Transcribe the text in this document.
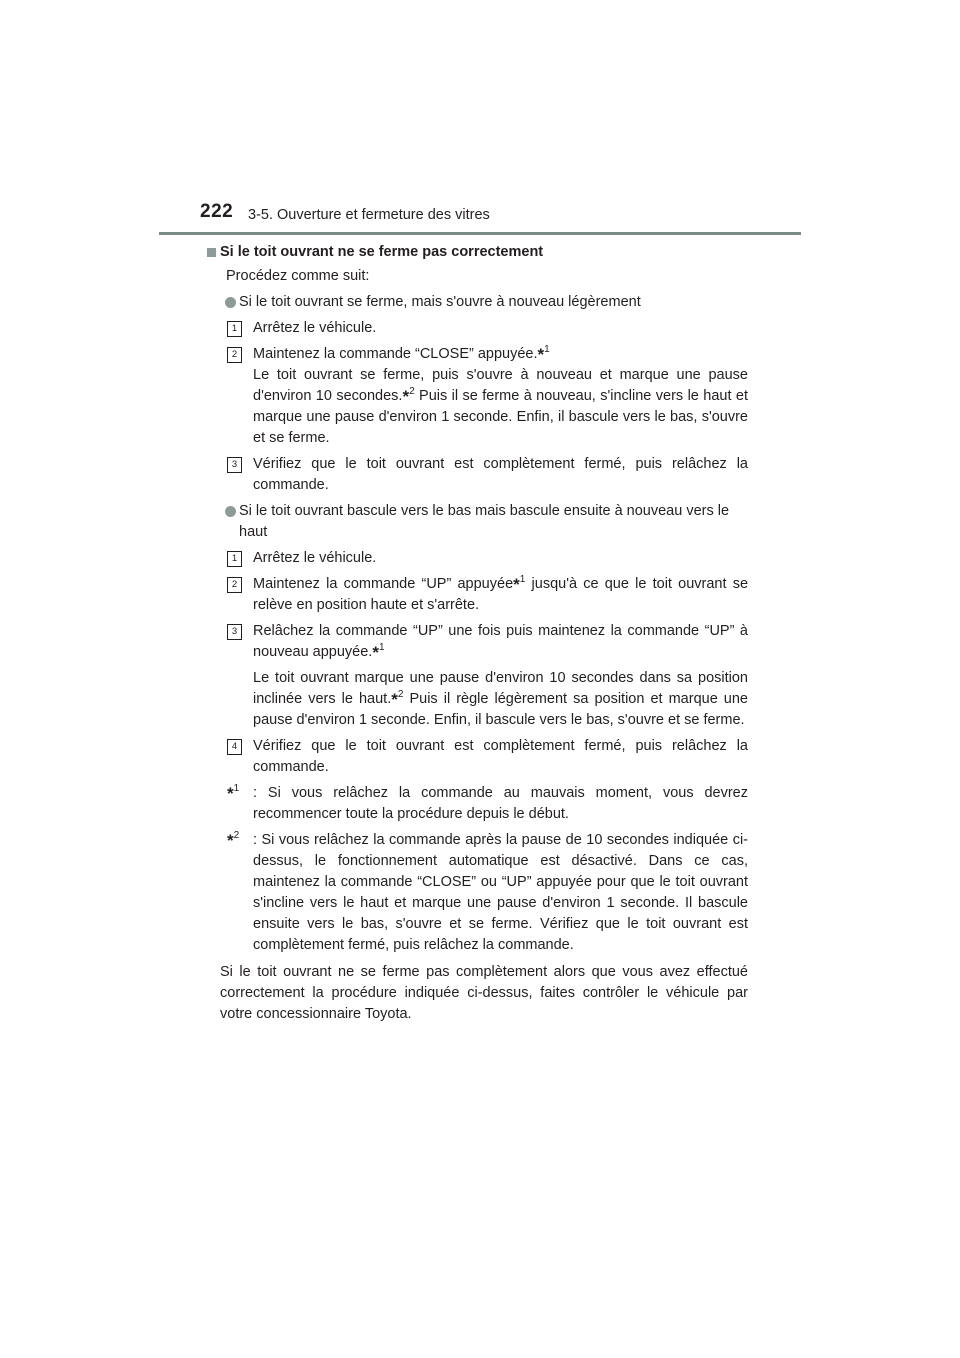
222 3-5. Ouverture et fermeture des vitres
Si le toit ouvrant ne se ferme pas correctement
Procédez comme suit:
Si le toit ouvrant se ferme, mais s'ouvre à nouveau légèrement
1	Arrêtez le véhicule.
2	Maintenez la commande “CLOSE” appuyée.*$^1$
Le toit ouvrant se ferme, puis s'ouvre à nouveau et marque une pause d'environ 10 secondes.*$^2$ Puis il se ferme à nouveau, s'incline vers le haut et marque une pause d'environ 1 seconde. Enfin, il bascule vers le bas, s'ouvre et se ferme.
3	Vérifiez que le toit ouvrant est complètement fermé, puis relâchez la commande.
Si le toit ouvrant bascule vers le bas mais bascule ensuite à nouveau vers le haut
1	Arrêtez le véhicule.
2	Maintenez la commande “UP” appuyée*$^1$ jusqu'à ce que le toit ouvrant se relève en position haute et s'arrête.
3	Relâchez la commande “UP” une fois puis maintenez la commande “UP” à nouveau appuyée.*$^1$
Le toit ouvrant marque une pause d'environ 10 secondes dans sa position inclinée vers le haut.*$^2$ Puis il règle légèrement sa position et marque une pause d'environ 1 seconde. Enfin, il bascule vers le bas, s'ouvre et se ferme.
4	Vérifiez que le toit ouvrant est complètement fermé, puis relâchez la commande.
*$^1$ : Si vous relâchez la commande au mauvais moment, vous devrez recommencer toute la procédure depuis le début.
*$^2$ : Si vous relâchez la commande après la pause de 10 secondes indiquée ci-dessus, le fonctionnement automatique est désactivé. Dans ce cas, maintenez la commande “CLOSE” ou “UP” appuyée pour que le toit ouvrant s'incline vers le haut et marque une pause d'environ 1 seconde. Il bascule ensuite vers le bas, s'ouvre et se ferme. Vérifiez que le toit ouvrant est complètement fermé, puis relâchez la commande.
Si le toit ouvrant ne se ferme pas complètement alors que vous avez effectué correctement la procédure indiquée ci-dessus, faites contrôler le véhicule par votre concessionnaire Toyota.
